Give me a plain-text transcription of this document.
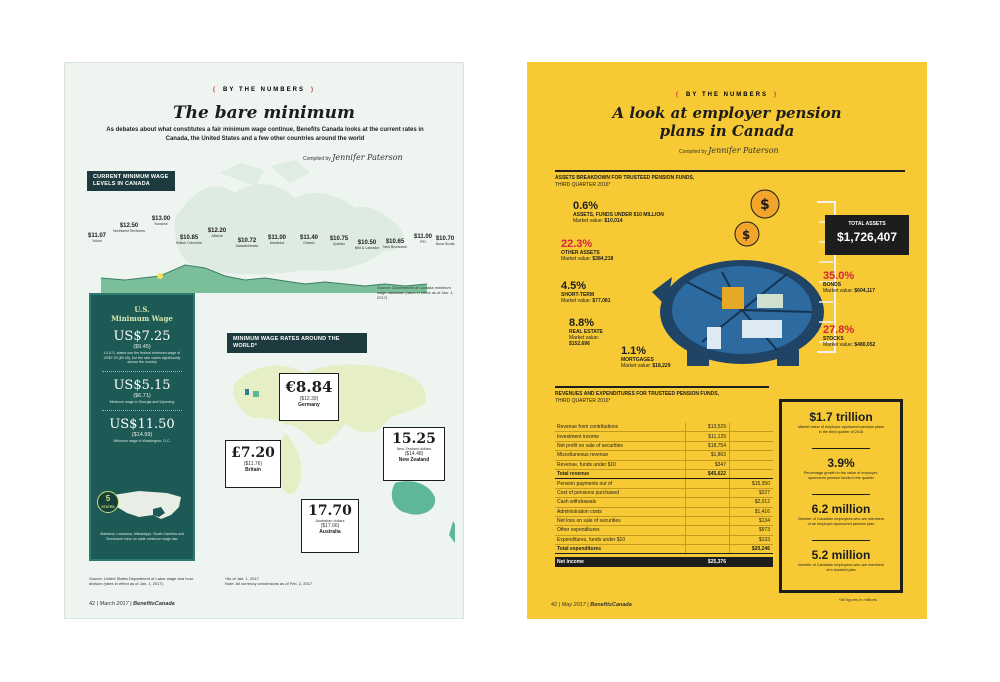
( BY THE NUMBERS )
The bare minimum
As debates about what constitutes a fair minimum wage continue, Benefits Canada looks at the current rates in Canada, the United States and a few other countries around the world
Compiled by Jennifer Paterson
CURRENT MINIMUM WAGE LEVELS IN CANADA
$11.07
Yukon
$12.50
Northwest Territories
$13.00
Nunavut
$10.85
British Columbia
$12.20
Alberta
$10.72
Saskatchewan
$11.00
Manitoba
$11.40
Ontario
$10.75
Quebec	$10.50
Nfld & Labrador
$10.65
New Brunswick
$11.00
PEI	$10.70
Nova Scotia
Source: Government of Canada minimum wage database (rates in effect as of Jan. 1, 2017)
U.S.
Minimum Wage
US$7.25
($9.45)
14 U.S. states use the federal minimum wage of US$7.25 ($9.45), but the rate varies significantly across the country
US$5.15
($6.71)
Minimum wage in Georgia and Wyoming
US$11.50
($14.99)
Minimum wage in Washington, D.C.
5
STATES
Alabama, Louisiana, Mississippi, South Carolina and Tennessee have no state minimum wage law.
Source: United States Department of Labor wage and hour division (rates in effect as of Jan. 1, 2017)
MINIMUM WAGE RATES AROUND THE WORLD*
€8.84
($12.39)
Germany
£7.20
($11.76)
Britain
15.25
New Zealand dollars
($14.48)
New Zealand
17.70
Australian dollars
($17.66)
Australia
*As of Jan. 1, 2017
Note: All currency conversions as of Feb. 2, 2017
42 | March 2017 | BenefitsCanada
( BY THE NUMBERS )
A look at employer pension
plans in Canada
Compiled by Jennifer Paterson
ASSETS BREAKDOWN FOR TRUSTEED PENSION FUNDS,
THIRD QUARTER 2016*
$
$
TOTAL ASSETS
$1,726,407
0.6%
ASSETS, FUNDS UNDER $10 MILLION
Market value: $10,014
22.3%
OTHER ASSETS
Market value: $384,218
4.5%
SHORT-TERM
Market value: $77,081
8.8%
REAL ESTATE
Market value:
$152,696
1.1%
MORTGAGES
Market value: $18,229
35.0%
BONDS
Market value: $604,117
27.8%
STOCKS
Market value: $480,052
REVENUES AND EXPENDITURES FOR TRUSTEED PENSION FUNDS,
THIRD QUARTER 2016*
Revenue from contributions	$13,529
Investment income	$11,129
Net profit on sale of securities	$18,754
Miscellaneous revenue	$1,863
Revenue, funds under $10	$347
Total revenue	$45,622
Pension payments out of	$15,350
Cost of pensions purchased	$227
Cash withdrawals	$2,012
Administration costs	$1,416
Net loss on sale of securities	$134
Other expenditures	$973
Expenditures, funds under $10	$133
Total expenditures	$20,246
Net income	$25,376
$1.7 trillion
Market value of employer-sponsored pension plans in the third quarter of 2016
3.9%
Percentage growth in the value of employer-sponsored pension funds in the quarter
6.2 million
Number of Canadian employees who are members of an employer-sponsored pension plan
5.2 million
Number of Canadian employees who are members of a trusteed plan
*All figures in millions
42 | May 2017 | BenefitsCanada
